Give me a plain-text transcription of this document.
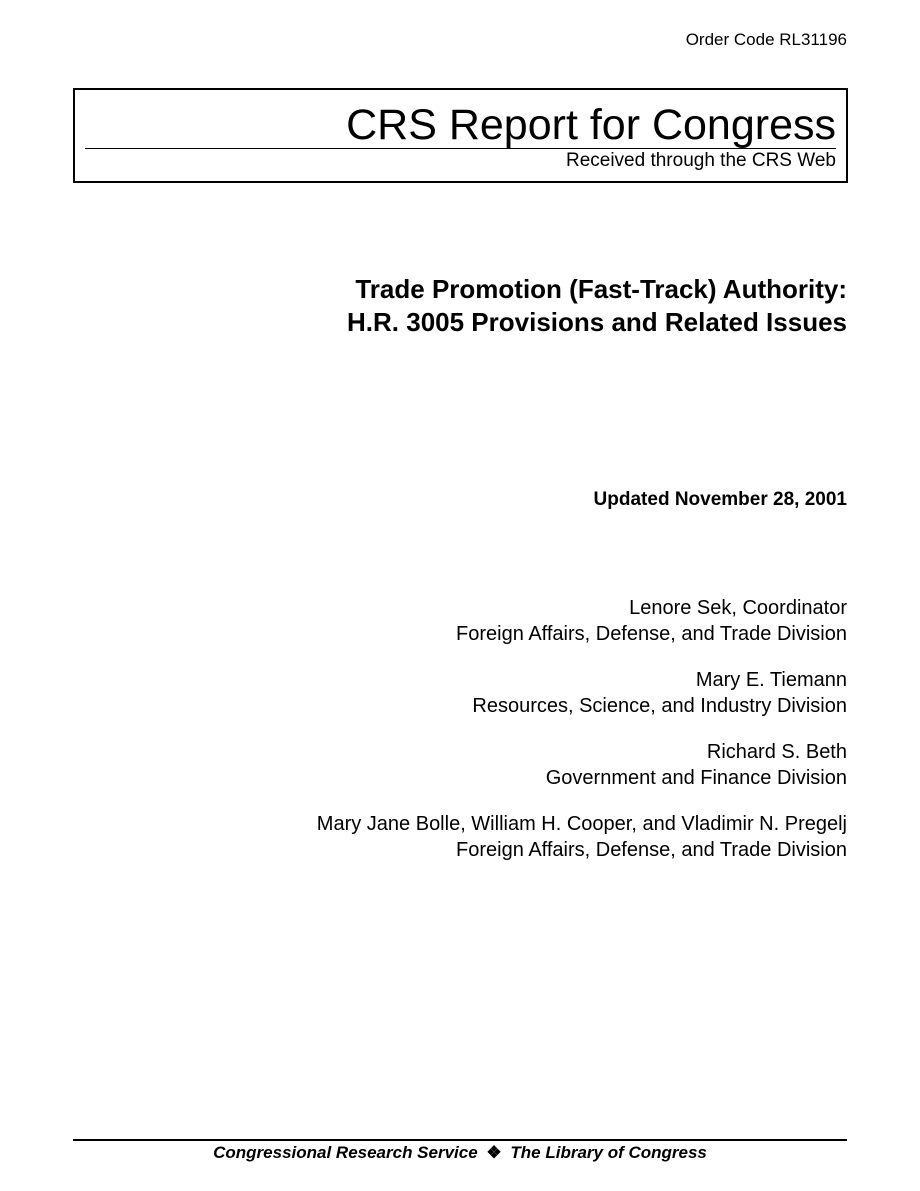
Order Code RL31196
CRS Report for Congress
Received through the CRS Web
Trade Promotion (Fast-Track) Authority:
H.R. 3005 Provisions and Related Issues
Updated November 28, 2001
Lenore Sek, Coordinator
Foreign Affairs, Defense, and Trade Division
Mary E. Tiemann
Resources, Science, and Industry Division
Richard S. Beth
Government and Finance Division
Mary Jane Bolle, William H. Cooper, and Vladimir N. Pregelj
Foreign Affairs, Defense, and Trade Division
Congressional Research Service ❖ The Library of Congress
